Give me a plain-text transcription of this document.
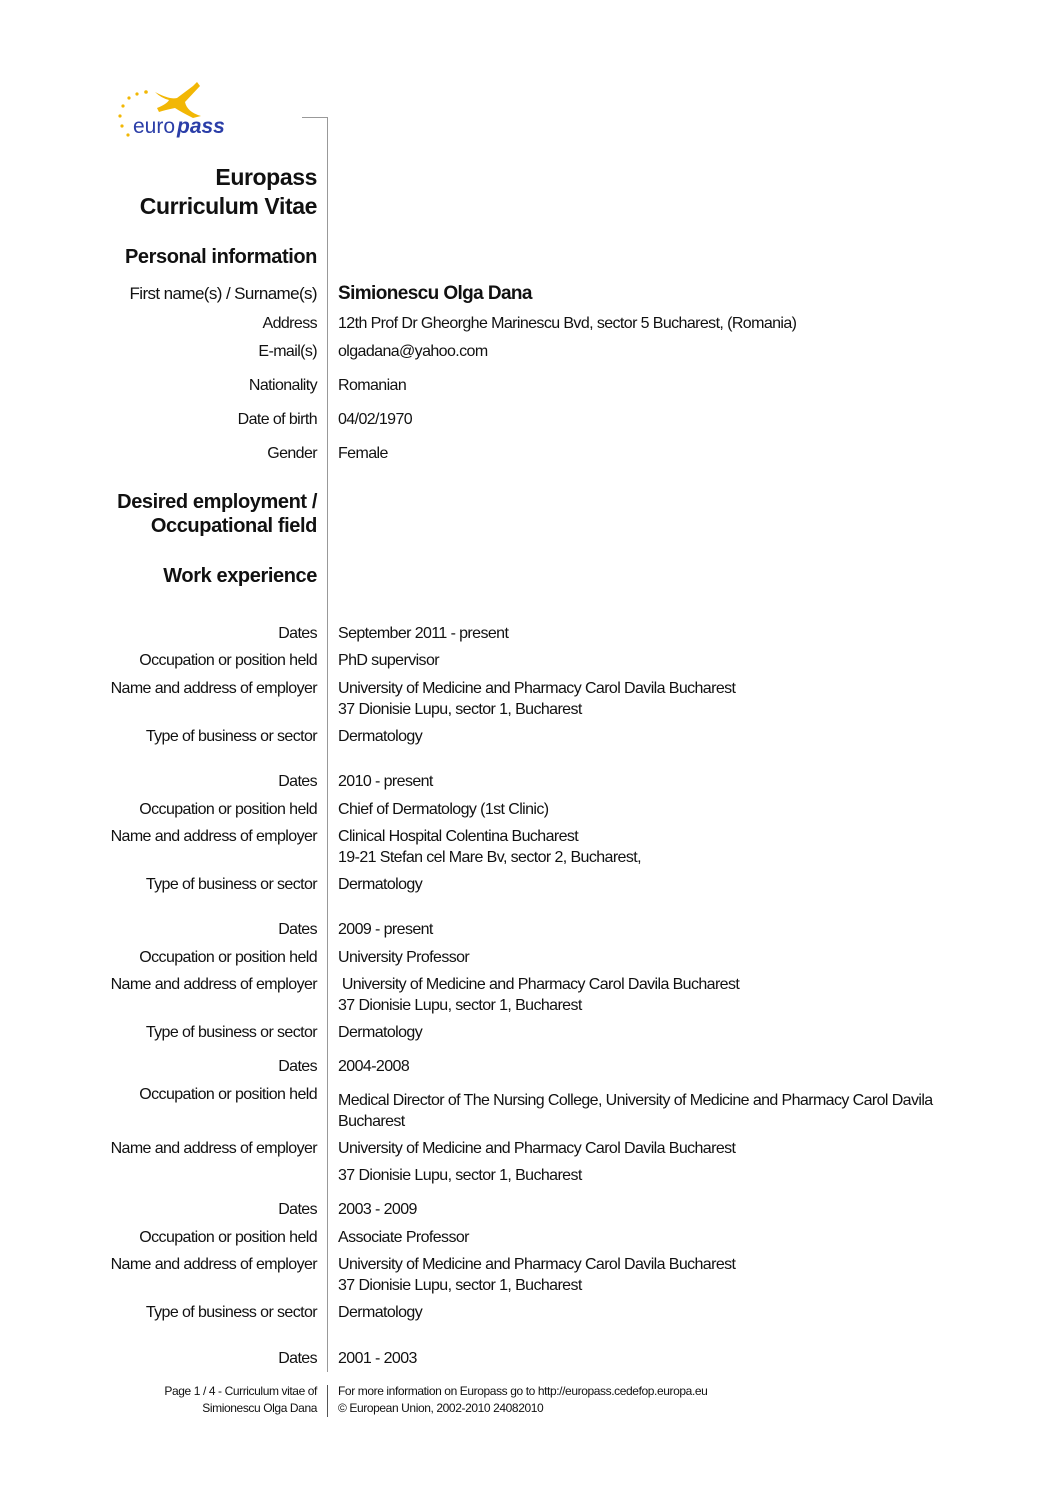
euro pass
Europass
Curriculum Vitae
Personal information
First name(s) / Surname(s) Simionescu Olga Dana
Address 12th Prof Dr Gheorghe Marinescu Bvd, sector 5 Bucharest, (Romania)
E-mail(s) olgadana@yahoo.com
Nationality Romanian
Date of birth 04/02/1970
Gender Female
Desired employment /
Occupational field
Work experience
Dates September 2011 - present
Occupation or position held PhD supervisor
Name and address of employer University of Medicine and Pharmacy Carol Davila Bucharest
37 Dionisie Lupu, sector 1, Bucharest
Type of business or sector Dermatology
Dates 2010 - present
Occupation or position held Chief of Dermatology (1st Clinic)
Name and address of employer Clinical Hospital Colentina Bucharest
19-21 Stefan cel Mare Bv, sector 2, Bucharest,
Type of business or sector Dermatology
Dates 2009 - present
Occupation or position held University Professor
Name and address of employer University of Medicine and Pharmacy Carol Davila Bucharest
37 Dionisie Lupu, sector 1, Bucharest
Type of business or sector Dermatology
Dates 2004-2008
Occupation or position held Medical Director of The Nursing College, University of Medicine and Pharmacy Carol Davila
Bucharest
Name and address of employer University of Medicine and Pharmacy Carol Davila Bucharest
37 Dionisie Lupu, sector 1, Bucharest
Dates 2003 - 2009
Occupation or position held Associate Professor
Name and address of employer University of Medicine and Pharmacy Carol Davila Bucharest
37 Dionisie Lupu, sector 1, Bucharest
Type of business or sector Dermatology
Dates 2001 - 2003
Page 1 / 4 - Curriculum vitae of
Simionescu Olga Dana
For more information on Europass go to http://europass.cedefop.europa.eu
© European Union, 2002-2010 24082010
